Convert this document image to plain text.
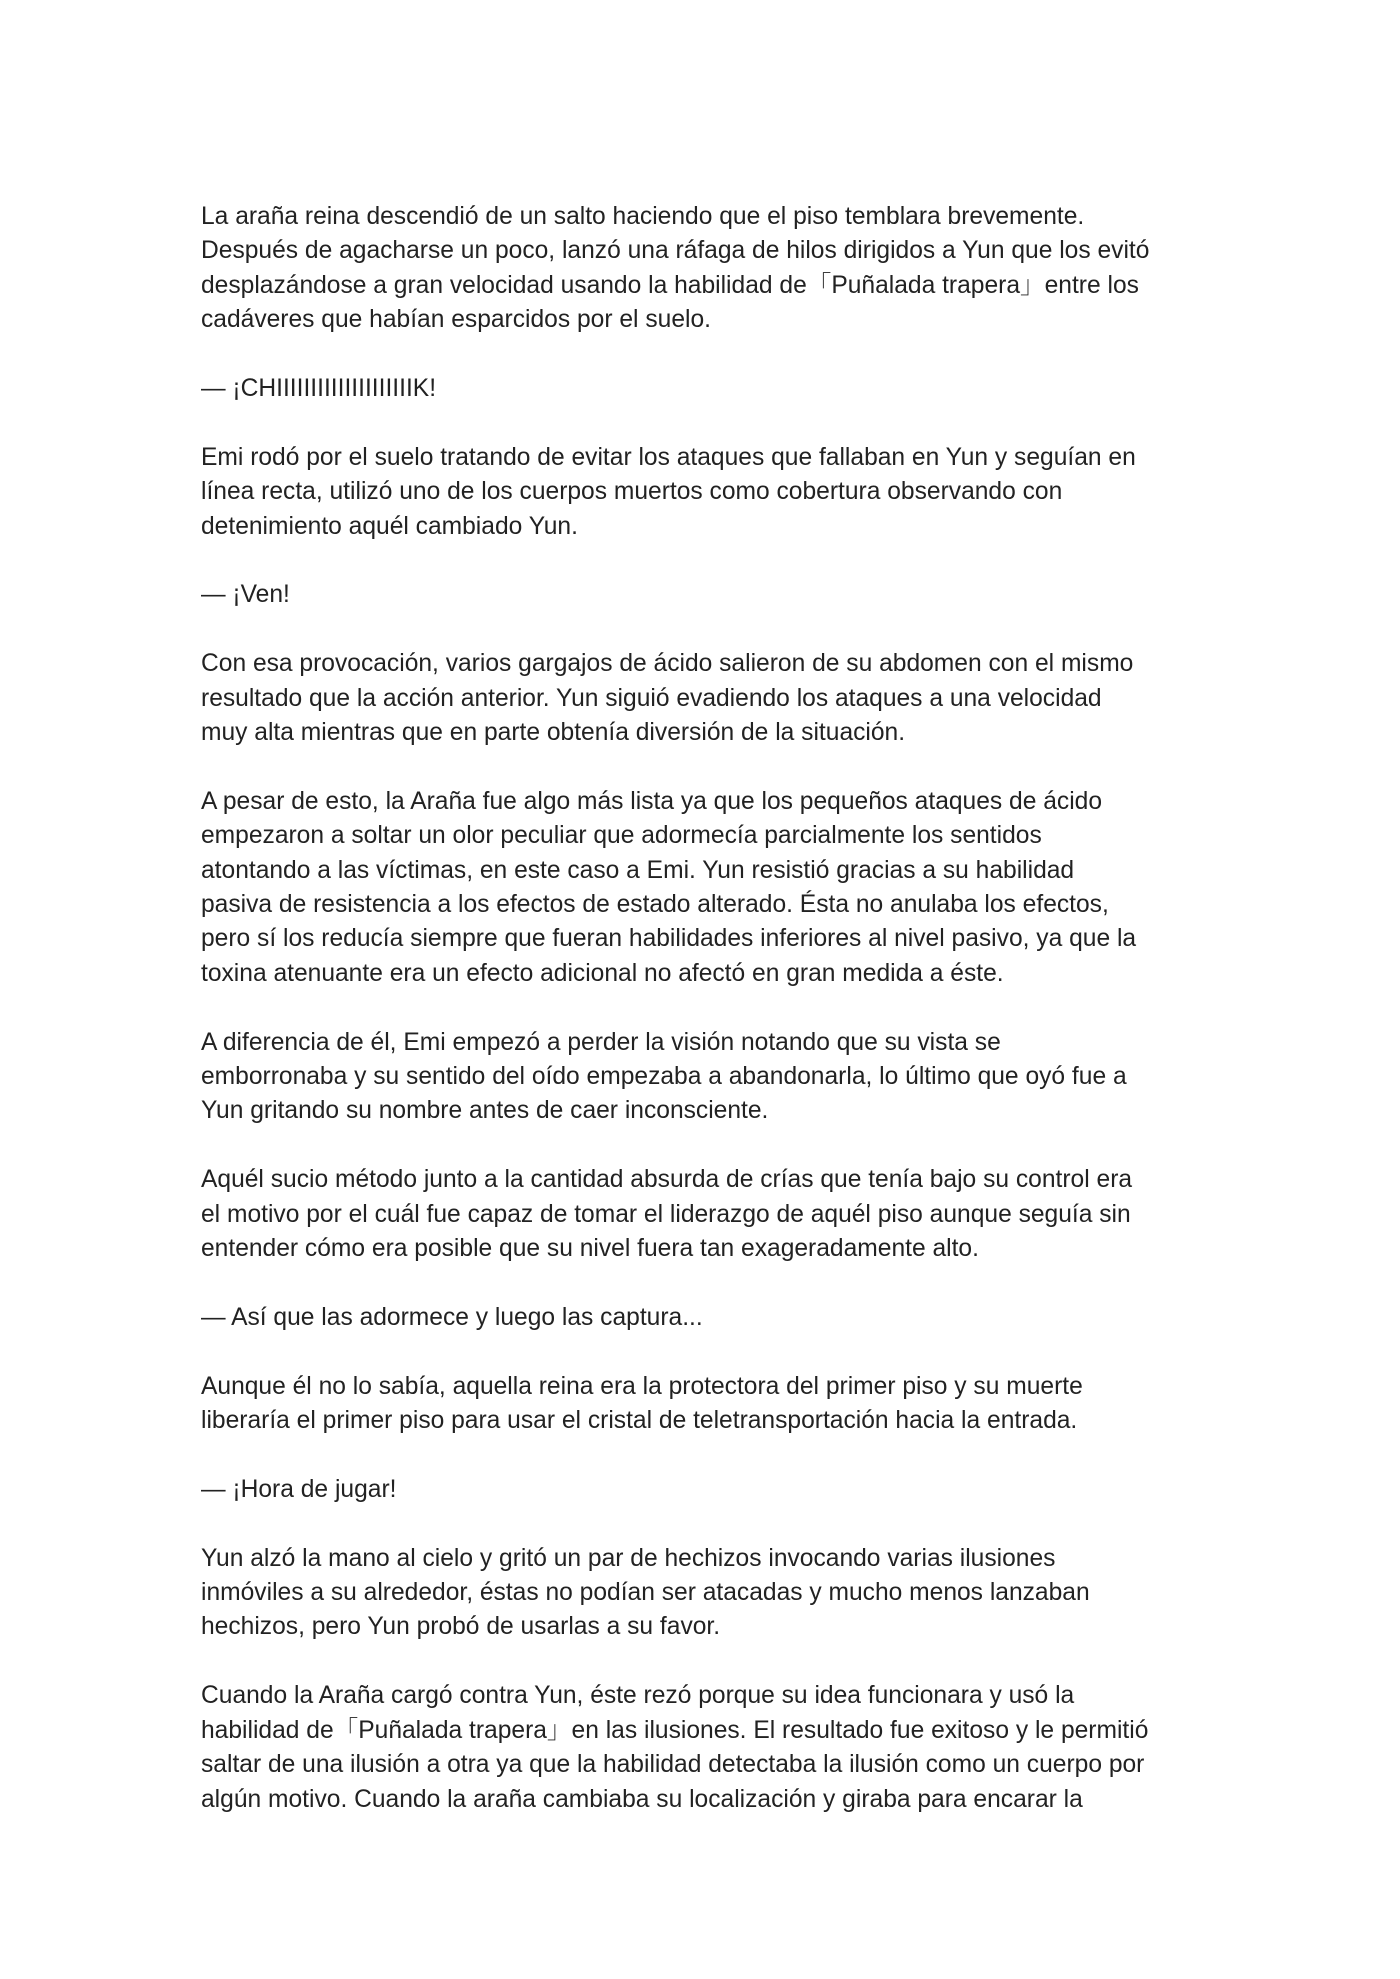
La araña reina descendió de un salto haciendo que el piso temblara brevemente.
Después de agacharse un poco, lanzó una ráfaga de hilos dirigidos a Yun que los evitó
desplazándose a gran velocidad usando la habilidad de「Puñalada trapera」entre los
cadáveres que habían esparcidos por el suelo.

— ¡CHIIIIIIIIIIIIIIIIIIIIK!

Emi rodó por el suelo tratando de evitar los ataques que fallaban en Yun y seguían en
línea recta, utilizó uno de los cuerpos muertos como cobertura observando con
detenimiento aquél cambiado Yun.

— ¡Ven!

Con esa provocación, varios gargajos de ácido salieron de su abdomen con el mismo
resultado que la acción anterior. Yun siguió evadiendo los ataques a una velocidad
muy alta mientras que en parte obtenía diversión de la situación.

A pesar de esto, la Araña fue algo más lista ya que los pequeños ataques de ácido
empezaron a soltar un olor peculiar que adormecía parcialmente los sentidos
atontando a las víctimas, en este caso a Emi. Yun resistió gracias a su habilidad
pasiva de resistencia a los efectos de estado alterado. Ésta no anulaba los efectos,
pero sí los reducía siempre que fueran habilidades inferiores al nivel pasivo, ya que la
toxina atenuante era un efecto adicional no afectó en gran medida a éste.

A diferencia de él, Emi empezó a perder la visión notando que su vista se
emborronaba y su sentido del oído empezaba a abandonarla, lo último que oyó fue a
Yun gritando su nombre antes de caer inconsciente.

Aquél sucio método junto a la cantidad absurda de crías que tenía bajo su control era
el motivo por el cuál fue capaz de tomar el liderazgo de aquél piso aunque seguía sin
entender cómo era posible que su nivel fuera tan exageradamente alto.

— Así que las adormece y luego las captura...

Aunque él no lo sabía, aquella reina era la protectora del primer piso y su muerte
liberaría el primer piso para usar el cristal de teletransportación hacia la entrada.

— ¡Hora de jugar!

Yun alzó la mano al cielo y gritó un par de hechizos invocando varias ilusiones
inmóviles a su alrededor, éstas no podían ser atacadas y mucho menos lanzaban
hechizos, pero Yun probó de usarlas a su favor.

Cuando la Araña cargó contra Yun, éste rezó porque su idea funcionara y usó la
habilidad de「Puñalada trapera」en las ilusiones. El resultado fue exitoso y le permitió
saltar de una ilusión a otra ya que la habilidad detectaba la ilusión como un cuerpo por
algún motivo. Cuando la araña cambiaba su localización y giraba para encarar la
